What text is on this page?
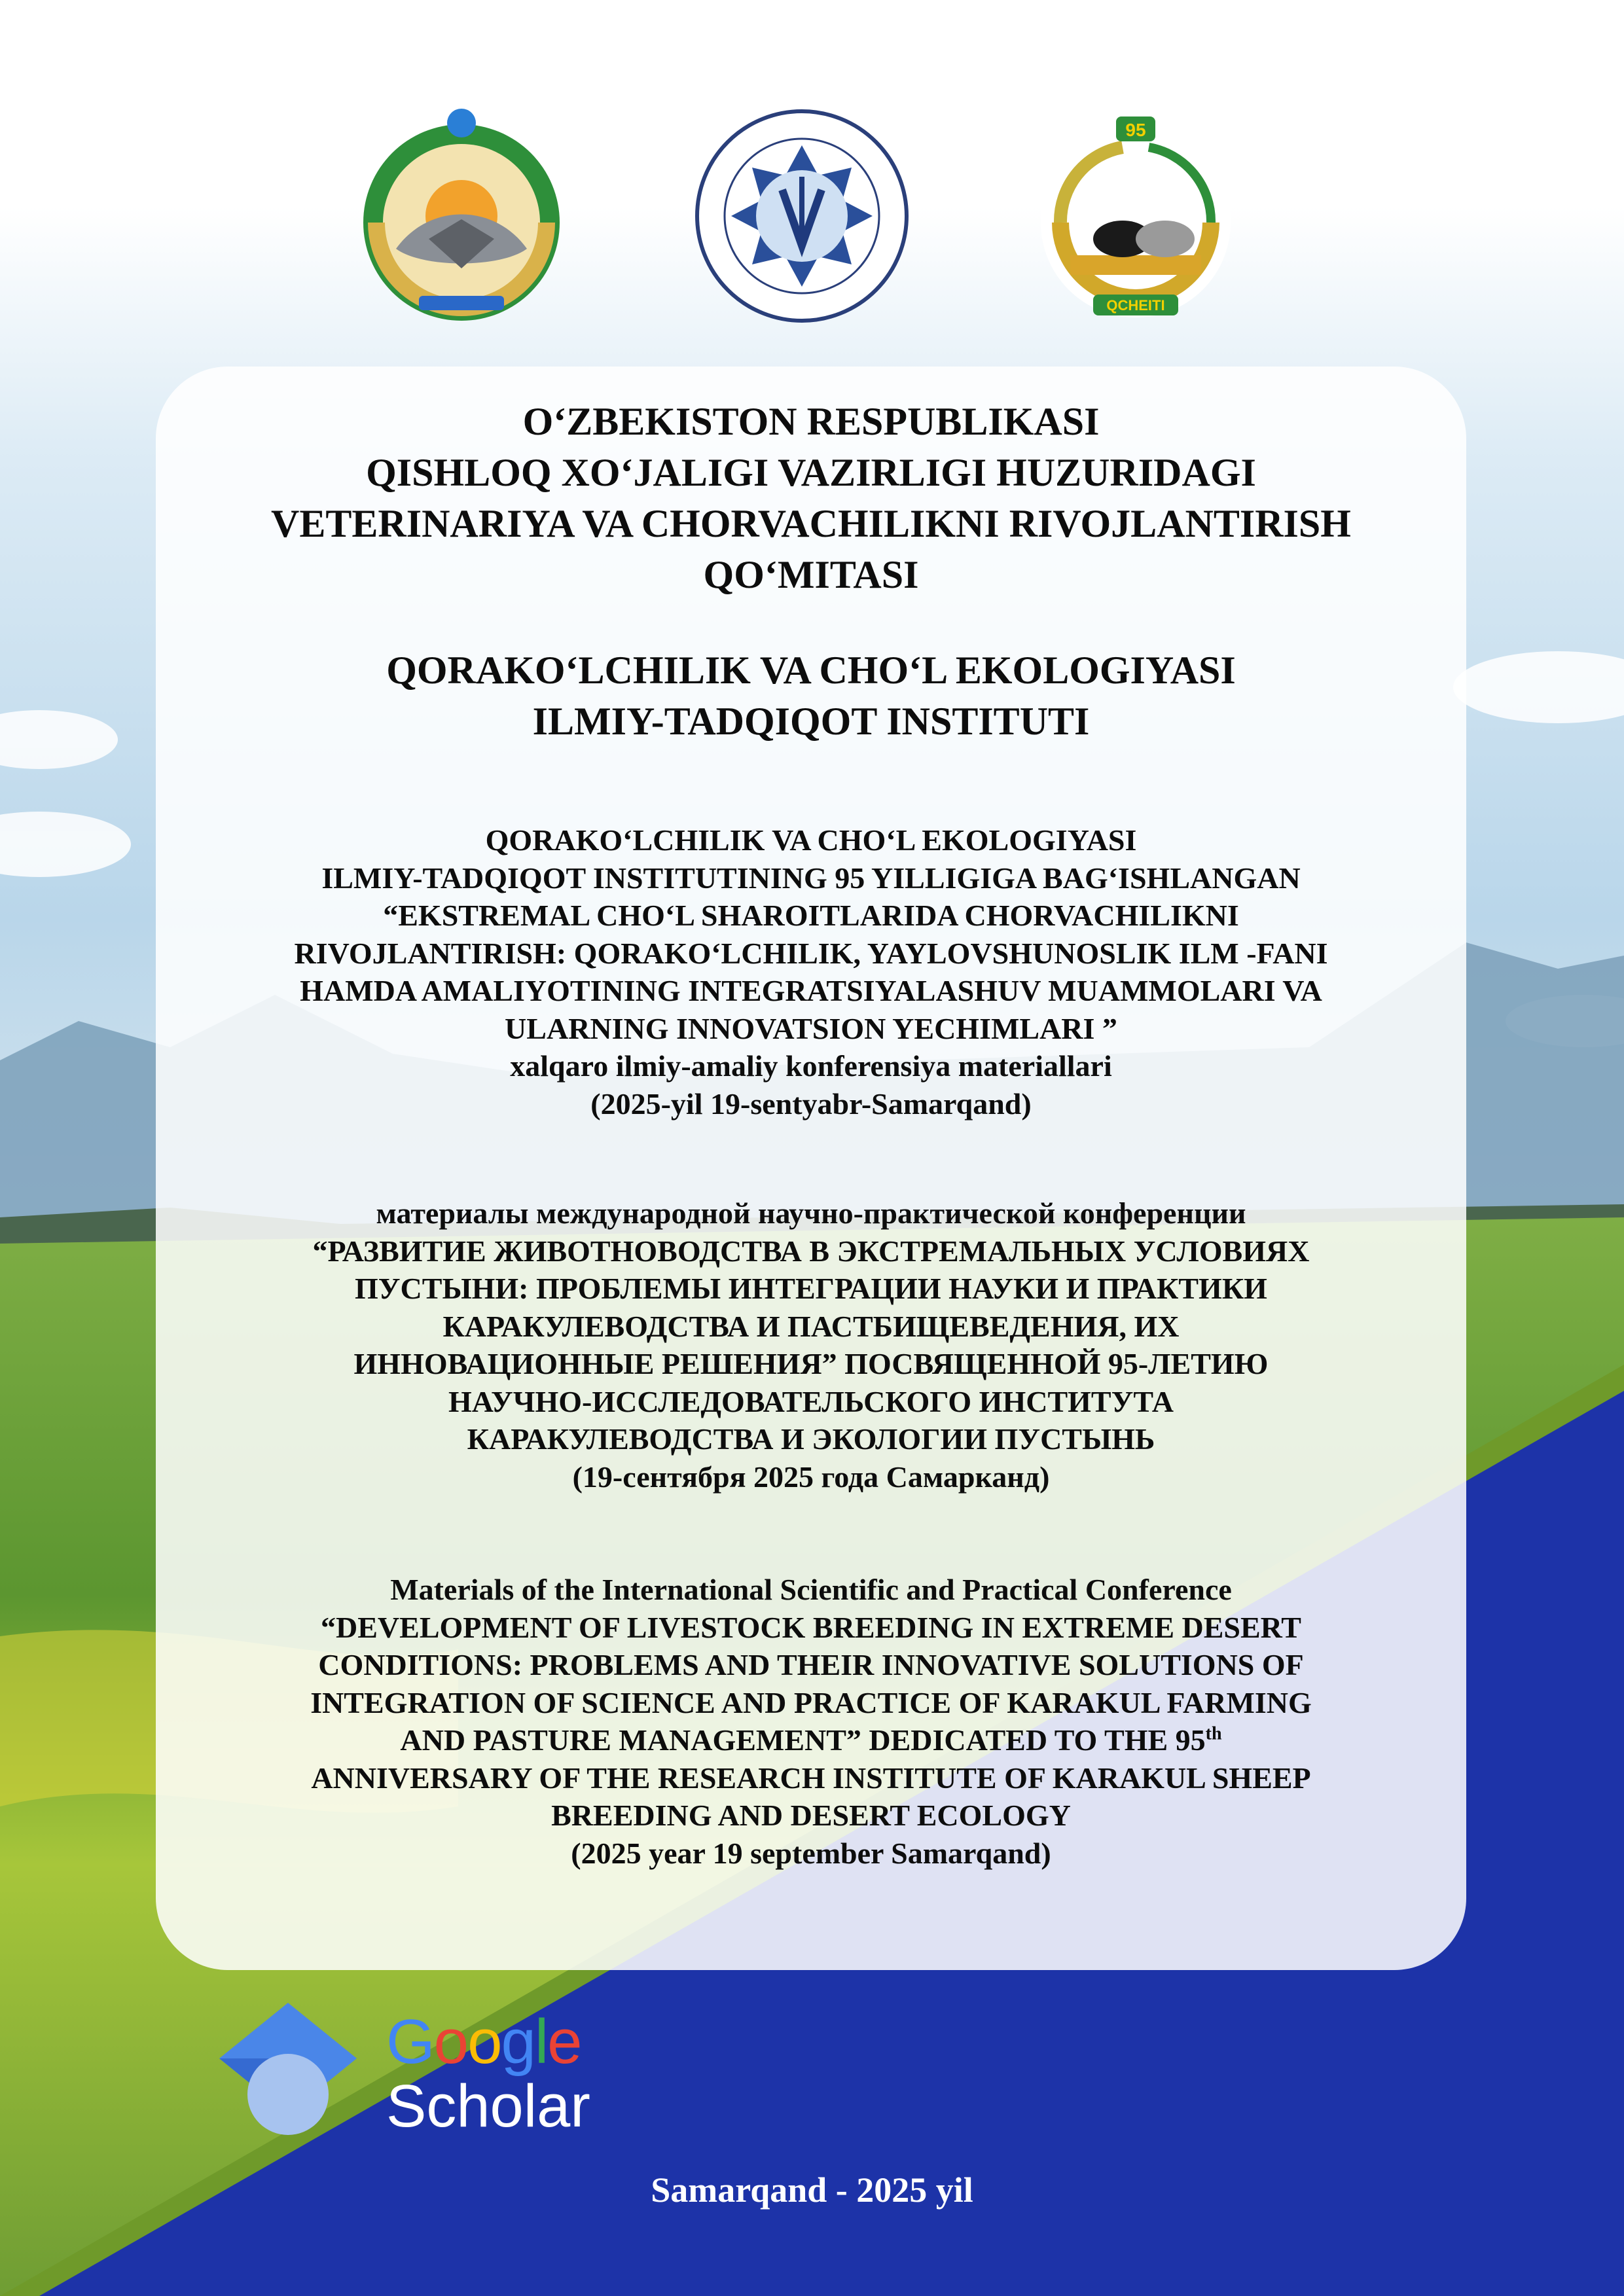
95
QCHEITI
O‘ZBEKISTON RESPUBLIKASI
QISHLOQ XO‘JALIGI VAZIRLIGI HUZURIDAGI
VETERINARIYA VA CHORVACHILIKNI RIVOJLANTIRISH
QO‘MITASI
QORAKO‘LCHILIK VA CHO‘L EKOLOGIYASI
ILMIY-TADQIQOT INSTITUTI
QORAKO‘LCHILIK VA CHO‘L EKOLOGIYASI
ILMIY-TADQIQOT INSTITUTINING 95 YILLIGIGA BAG‘ISHLANGAN
“EKSTREMAL CHO‘L SHAROITLARIDA CHORVACHILIKNI
RIVOJLANTIRISH: QORAKO‘LCHILIK, YAYLOVSHUNOSLIK ILM -FANI
HAMDA AMALIYOTINING INTEGRATSIYALASHUV MUAMMOLARI VA
ULARNING INNOVATSION YECHIMLARI ”
xalqaro ilmiy-amaliy konferensiya materiallari
(2025-yil 19-sentyabr-Samarqand)
материалы международной научно-практической конференции
“РАЗВИТИЕ ЖИВОТНОВОДСТВА В ЭКСТРЕМАЛЬНЫХ УСЛОВИЯХ
ПУСТЫНИ: ПРОБЛЕМЫ ИНТЕГРАЦИИ НАУКИ И ПРАКТИКИ
КАРАКУЛЕВОДСТВА И ПАСТБИЩЕВЕДЕНИЯ, ИХ
ИННОВАЦИОННЫЕ РЕШЕНИЯ” ПОСВЯЩЕННОЙ 95-ЛЕТИЮ
НАУЧНО-ИССЛЕДОВАТЕЛЬСКОГО ИНСТИТУТА
КАРАКУЛЕВОДСТВА И ЭКОЛОГИИ ПУСТЫНЬ
(19-сентября 2025 года Самарканд)
Materials of the International Scientific and Practical Conference
“DEVELOPMENT OF LIVESTOCK BREEDING IN EXTREME DESERT
CONDITIONS: PROBLEMS AND THEIR INNOVATIVE SOLUTIONS OF
INTEGRATION OF SCIENCE AND PRACTICE OF KARAKUL FARMING
AND PASTURE MANAGEMENT” DEDICATED TO THE 95th
ANNIVERSARY OF THE RESEARCH INSTITUTE OF KARAKUL SHEEP
BREEDING AND DESERT ECOLOGY
(2025 year 19 september Samarqand)
Google
Scholar
Samarqand - 2025 yil
